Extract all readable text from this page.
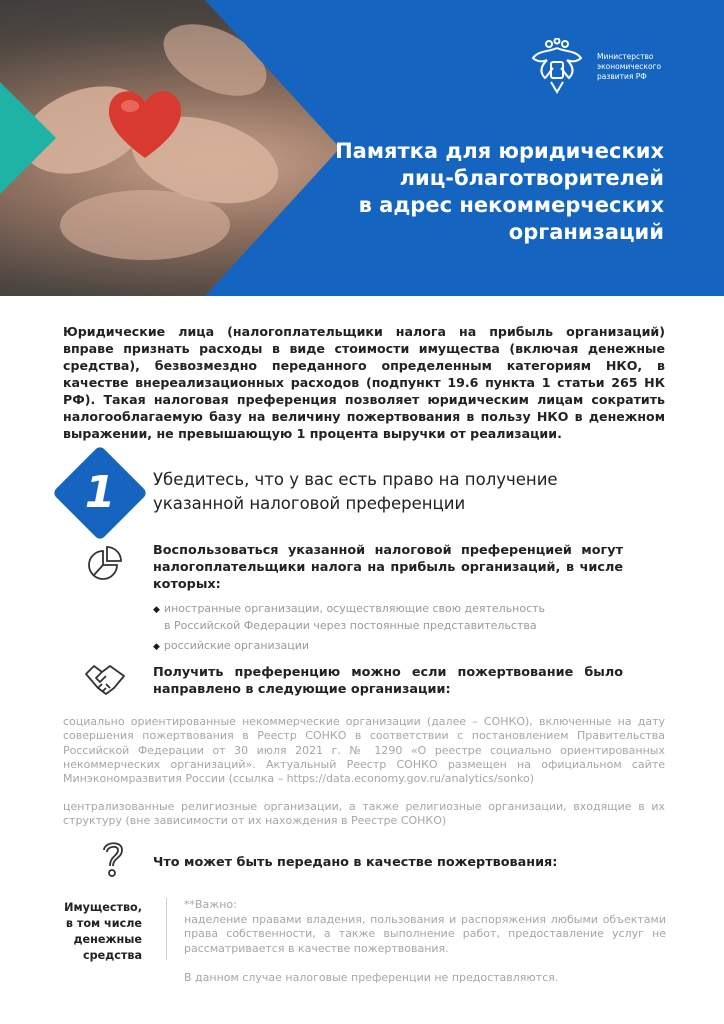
Министерство
экономического
развития РФ
Памятка для юридических
лиц-благотворителей
в адрес некоммерческих
организаций
Юридические лица (налогоплательщики налога на прибыль организаций) вправе признать расходы в виде стоимости имущества (включая денежные средства), безвозмездно переданного определенным категориям НКО, в качестве внереализационных расходов (подпункт 19.6 пункта 1 статьи 265 НК РФ). Такая налоговая преференция позволяет юридическим лицам сократить налогооблагаемую базу на величину пожертвования в пользу НКО в денежном выражении, не превышающую 1 процента выручки от реализации.
1	Убедитесь, что у вас есть право на получение
указанной налоговой преференции
Воспользоваться указанной налоговой преференцией могут налогоплательщики налога на прибыль организаций, в числе которых:
◆ иностранные организации, осуществляющие свою деятельность
в Российской Федерации через постоянные представительства
◆ российские организации
Получить преференцию можно если пожертвование было направлено в следующие организации:
социально ориентированные некоммерческие организации (далее – СОНКО), включенные на дату совершения пожертвования в Реестр СОНКО в соответствии с постановлением Правительства Российской Федерации от 30 июля 2021 г. № 1290 «О реестре социально ориентированных некоммерческих организаций». Актуальный Реестр СОНКО размещен на официальном сайте Минэкономразвития России (ссылка – https://data.economy.gov.ru/analytics/sonko)
централизованные религиозные организации, а также религиозные организации, входящие в их структуру (вне зависимости от их нахождения в Реестре СОНКО)
Что может быть передано в качестве пожертвования:
Имущество,
в том числе
денежные
средства
**Важно:
наделение правами владения, пользования и распоряжения любыми объектами права собственности, а также выполнение работ, предоставление услуг не рассматривается в качестве пожертвования.
В данном случае налоговые преференции не предоставляются.
